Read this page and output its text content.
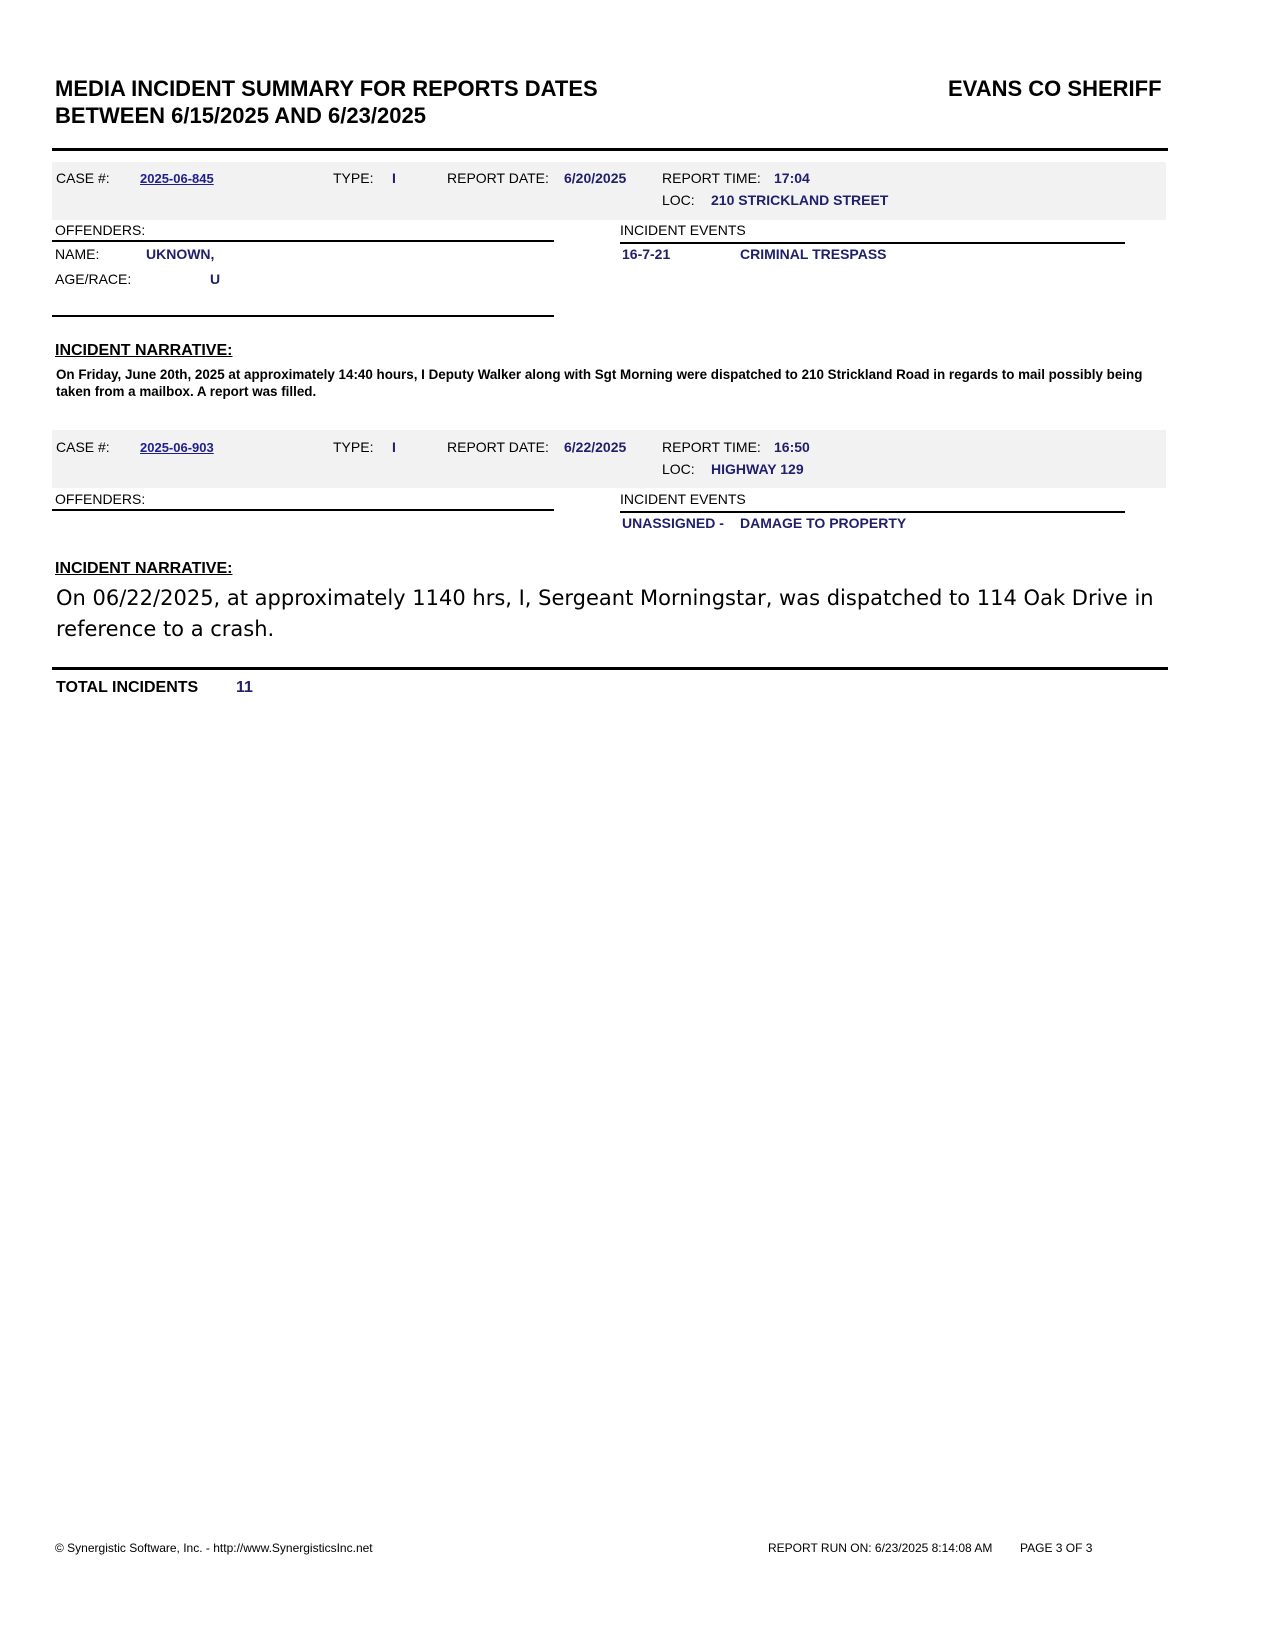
MEDIA INCIDENT SUMMARY FOR REPORTS DATES
BETWEEN 6/15/2025 AND 6/23/2025
EVANS CO SHERIFF
CASE #: 2025-06-845	TYPE: I	REPORT DATE: 6/20/2025	REPORT TIME: 17:04
LOC: 210 STRICKLAND STREET
OFFENDERS:	INCIDENT EVENTS
NAME:	UKNOWN,
AGE/RACE:	U
16-7-21	CRIMINAL TRESPASS
INCIDENT NARRATIVE:
On Friday, June 20th, 2025 at approximately 14:40 hours, I Deputy Walker along with Sgt Morning were dispatched to 210 Strickland Road in regards to mail possibly being taken from a mailbox. A report was filled.
CASE #: 2025-06-903	TYPE: I	REPORT DATE: 6/22/2025	REPORT TIME: 16:50
LOC: HIGHWAY 129
OFFENDERS:	INCIDENT EVENTS
UNASSIGNED - DAMAGE TO PROPERTY
INCIDENT NARRATIVE:
On 06/22/2025, at approximately 1140 hrs, I, Sergeant Morningstar, was dispatched to 114 Oak Drive in reference to a crash.
TOTAL INCIDENTS 11
© Synergistic Software, Inc. - http://www.SynergisticsInc.net	REPORT RUN ON: 6/23/2025 8:14:08 AM PAGE 3 OF 3
